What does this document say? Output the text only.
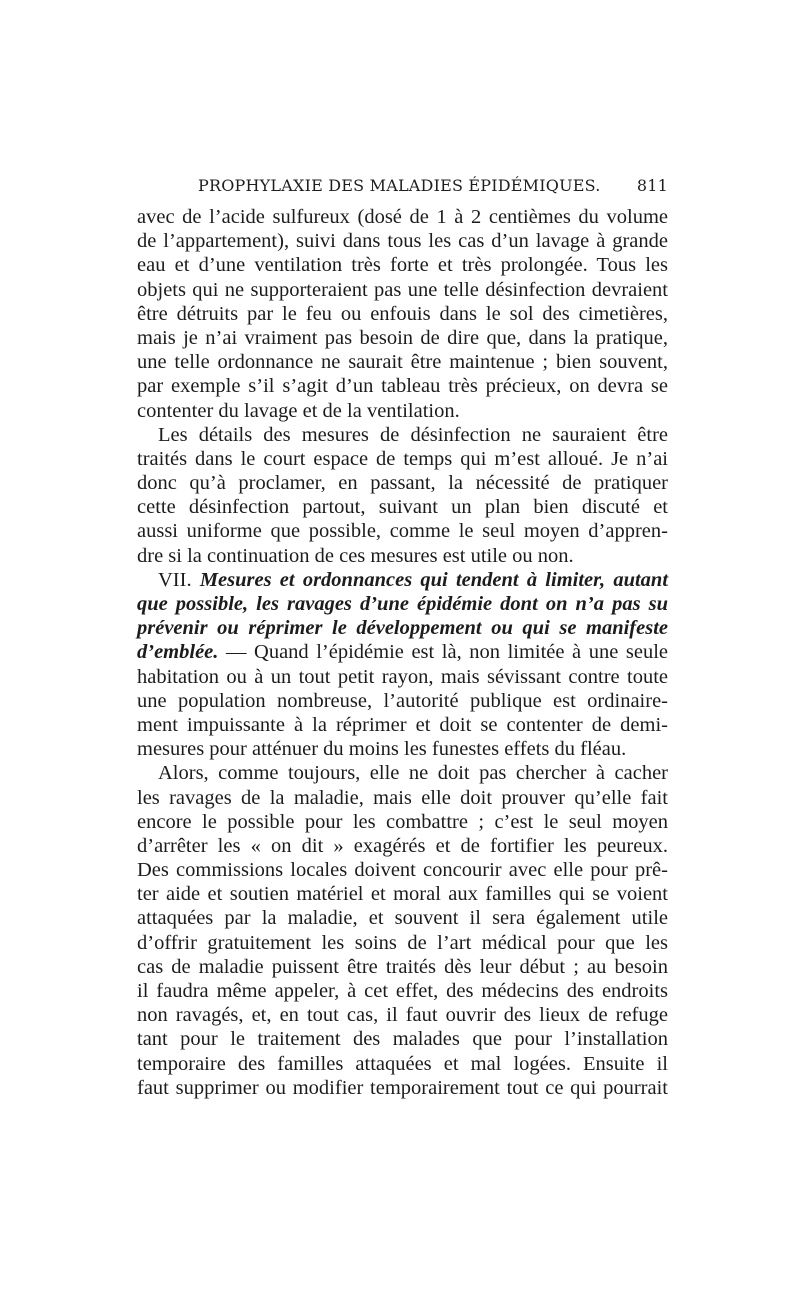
PROPHYLAXIE DES MALADIES ÉPIDÉMIQUES. 811
avec de l’acide sulfureux (dosé de 1 à 2 centièmes du volume
de l’appartement), suivi dans tous les cas d’un lavage à grande
eau et d’une ventilation très forte et très prolongée. Tous les
objets qui ne supporteraient pas une telle désinfection devraient
être détruits par le feu ou enfouis dans le sol des cimetières,
mais je n’ai vraiment pas besoin de dire que, dans la pratique,
une telle ordonnance ne saurait être maintenue ; bien souvent,
par exemple s’il s’agit d’un tableau très précieux, on devra se
contenter du lavage et de la ventilation.
Les détails des mesures de désinfection ne sauraient être
traités dans le court espace de temps qui m’est alloué. Je n’ai
donc qu’à proclamer, en passant, la nécessité de pratiquer
cette désinfection partout, suivant un plan bien discuté et
aussi uniforme que possible, comme le seul moyen d’appren-
dre si la continuation de ces mesures est utile ou non.
VII. Mesures et ordonnances qui tendent à limiter, autant
que possible, les ravages d’une épidémie dont on n’a pas su
prévenir ou réprimer le développement ou qui se manifeste
d’emblée. — Quand l’épidémie est là, non limitée à une seule
habitation ou à un tout petit rayon, mais sévissant contre toute
une population nombreuse, l’autorité publique est ordinaire-
ment impuissante à la réprimer et doit se contenter de demi-
mesures pour atténuer du moins les funestes effets du fléau.
Alors, comme toujours, elle ne doit pas chercher à cacher
les ravages de la maladie, mais elle doit prouver qu’elle fait
encore le possible pour les combattre ; c’est le seul moyen
d’arrêter les « on dit » exagérés et de fortifier les peureux.
Des commissions locales doivent concourir avec elle pour prê-
ter aide et soutien matériel et moral aux familles qui se voient
attaquées par la maladie, et souvent il sera également utile
d’offrir gratuitement les soins de l’art médical pour que les
cas de maladie puissent être traités dès leur début ; au besoin
il faudra même appeler, à cet effet, des médecins des endroits
non ravagés, et, en tout cas, il faut ouvrir des lieux de refuge
tant pour le traitement des malades que pour l’installation
temporaire des familles attaquées et mal logées. Ensuite il
faut supprimer ou modifier temporairement tout ce qui pourrait
